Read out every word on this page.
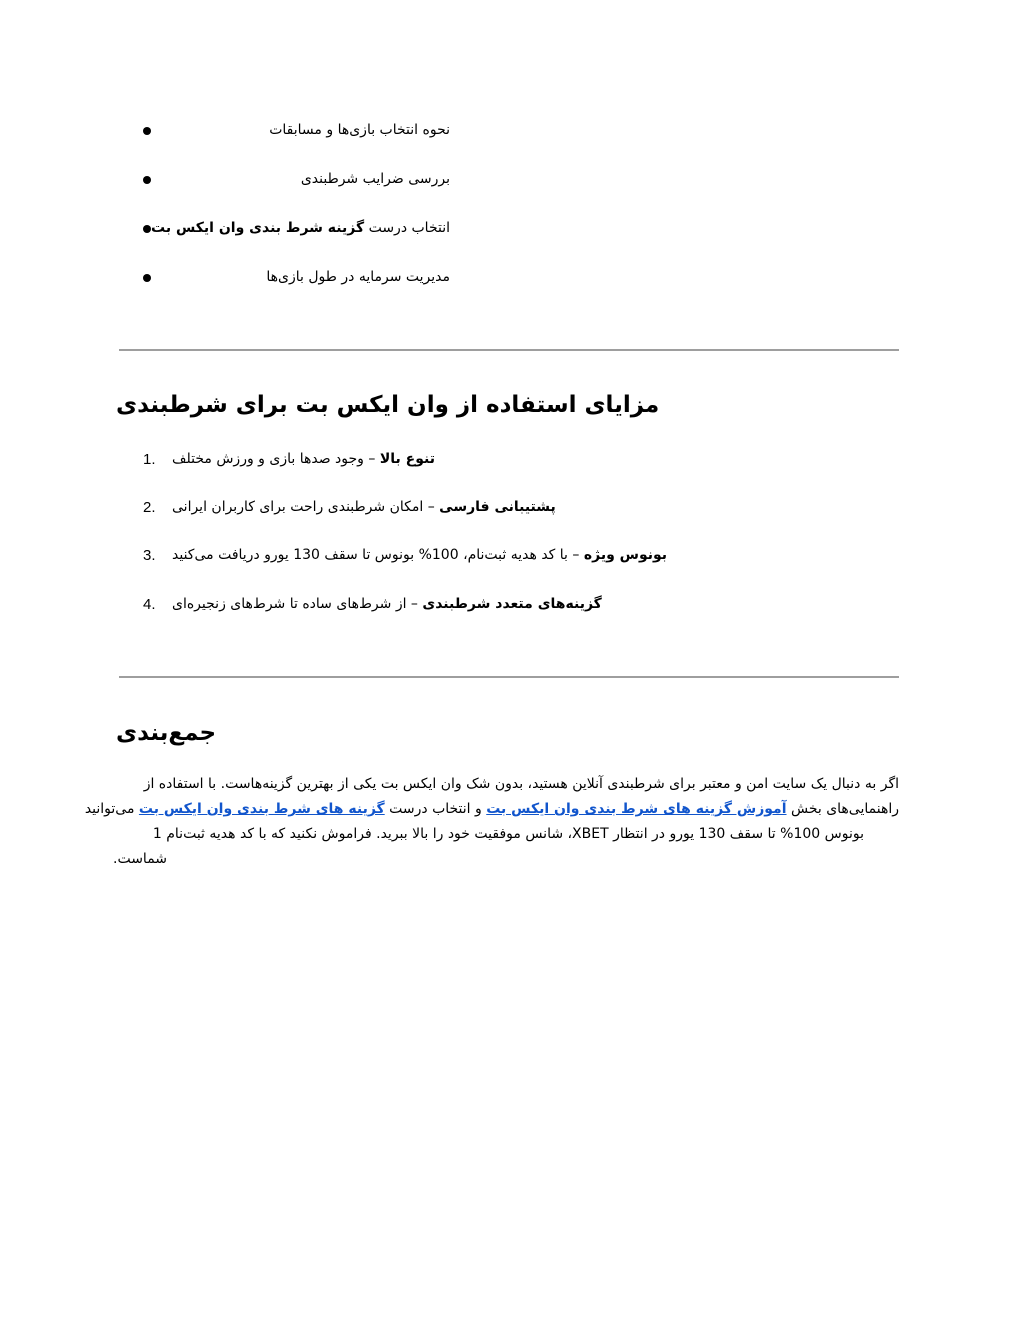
نحوه انتخاب بازی‌ها و مسابقات
بررسی ضرایب شرطبندی
انتخاب درست گزینه شرط بندی وان ایکس بت
مدیریت سرمایه در طول بازی‌ها
مزایای استفاده از وان ایکس بت برای شرطبندی
1.	تنوع بالا – وجود صدها بازی و ورزش مختلف
2.	پشتیبانی فارسی – امکان شرطبندی راحت برای کاربران ایرانی
3.	بونوس ویژه – با کد هدیه ثبت‌نام، 100% بونوس تا سقف 130 یورو دریافت می‌کنید
4.	گزینه‌های متعدد شرطبندی – از شرط‌های ساده تا شرط‌های زنجیره‌ای
جمع‌بندی
اگر به دنبال یک سایت امن و معتبر برای شرطبندی آنلاین هستید، بدون شک وان ایکس بت یکی از بهترین گزینه‌هاست. با استفاده از
راهنمایی‌های بخش آموزش گزینه های شرط بندی وان ایکس بت و انتخاب درست گزینه های شرط بندی وان ایکس بت می‌توانید
بونوس 100% تا سقف 130 یورو در انتظار XBET، شانس موفقیت خود را بالا ببرید. فراموش نکنید که با کد هدیه ثبت‌نام 1
شماست.
